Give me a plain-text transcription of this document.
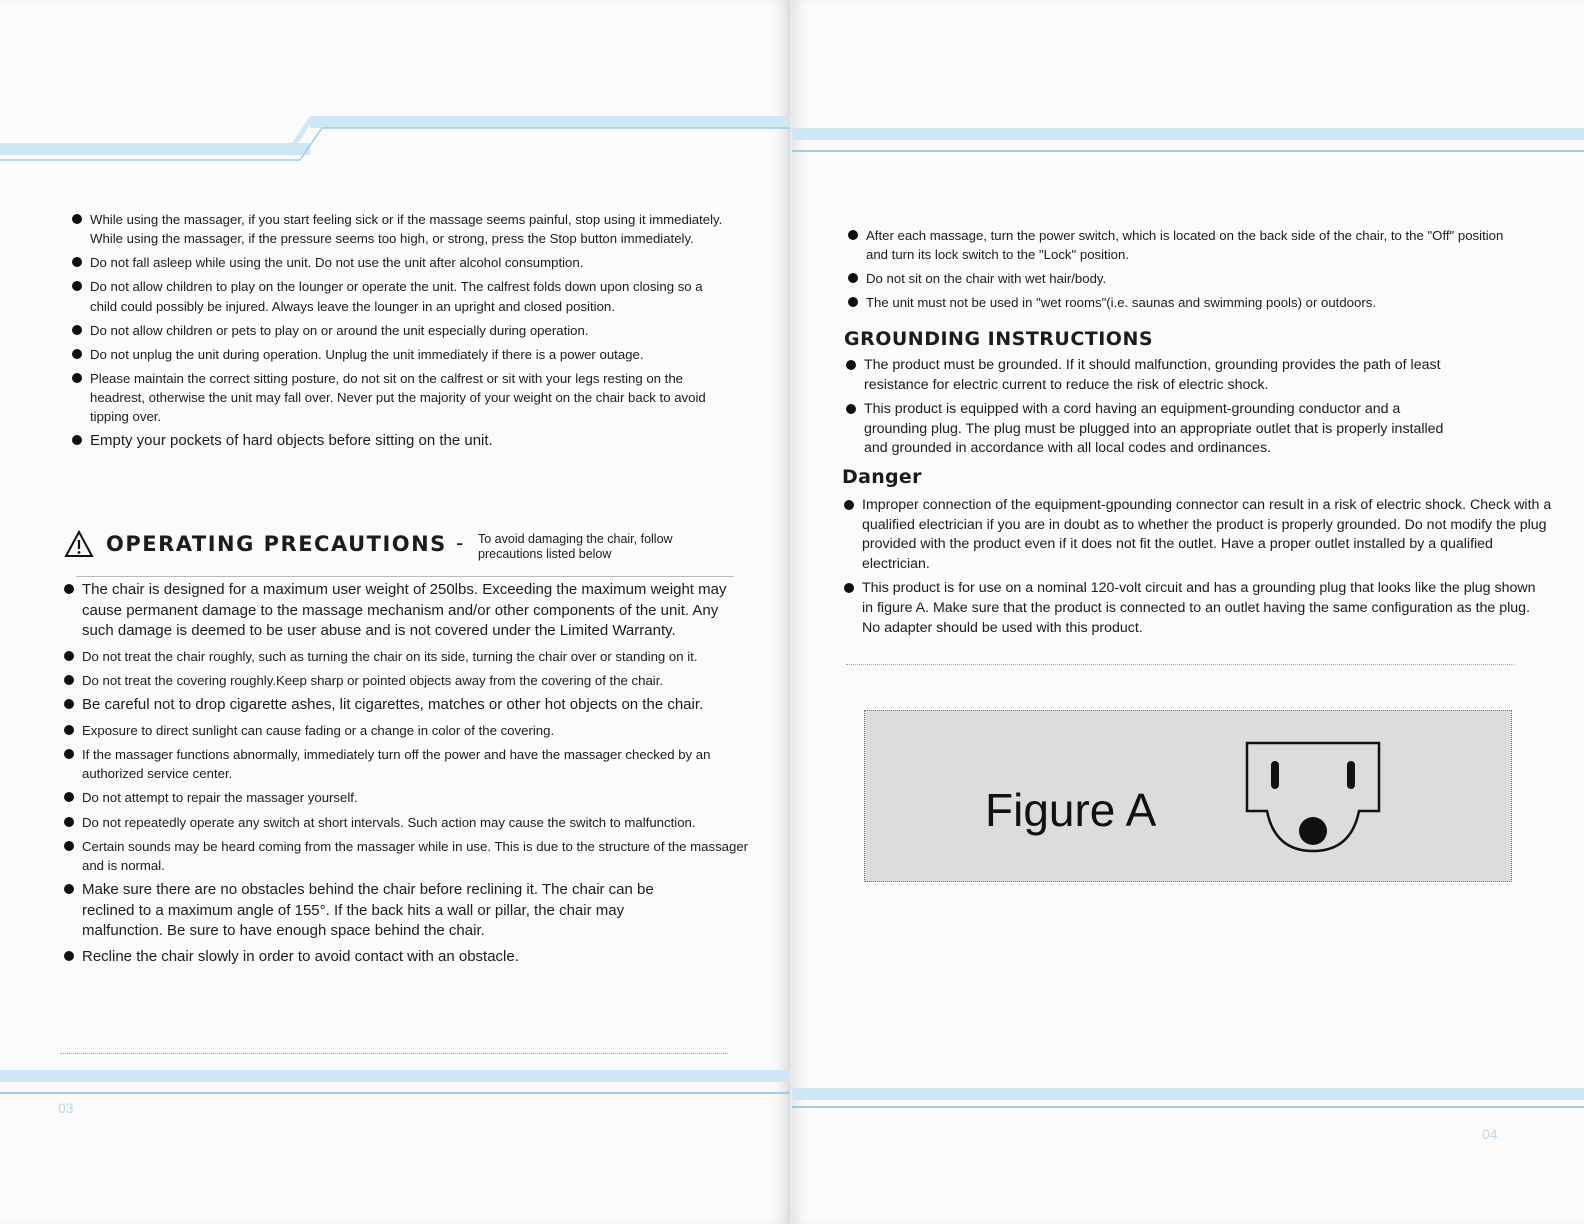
While using the massager, if you start feeling sick or if the massage seems painful, stop using it immediately. While using the massager, if the pressure seems too high, or strong, press the Stop button immediately.
Do not fall asleep while using the unit. Do not use the unit after alcohol consumption.
Do not allow children to play on the lounger or operate the unit. The calfrest folds down upon closing so a child could possibly be injured. Always leave the lounger in an upright and closed position.
Do not allow children or pets to play on or around the unit especially during operation.
Do not unplug the unit during operation. Unplug the unit immediately if there is a power outage.
Please maintain the correct sitting posture, do not sit on the calfrest or sit with your legs resting on the headrest, otherwise the unit may fall over. Never put the majority of your weight on the chair back to avoid tipping over.
Empty your pockets of hard objects before sitting on the unit.
OPERATING PRECAUTIONS - To avoid damaging the chair, follow precautions listed below
The chair is designed for a maximum user weight of 250lbs. Exceeding the maximum weight may cause permanent damage to the massage mechanism and/or other components of the unit. Any such damage is deemed to be user abuse and is not covered under the Limited Warranty.
Do not treat the chair roughly, such as turning the chair on its side, turning the chair over or standing on it.
Do not treat the covering roughly.Keep sharp or pointed objects away from the covering of the chair.
Be careful not to drop cigarette ashes, lit cigarettes, matches or other hot objects on the chair.
Exposure to direct sunlight can cause fading or a change in color of the covering.
If the massager functions abnormally, immediately turn off the power and have the massager checked by an authorized service center.
Do not attempt to repair the massager yourself.
Do not repeatedly operate any switch at short intervals. Such action may cause the switch to malfunction.
Certain sounds may be heard coming from the massager while in use. This is due to the structure of the massager and is normal.
Make sure there are no obstacles behind the chair before reclining it. The chair can be reclined to a maximum angle of 155°. If the back hits a wall or pillar, the chair may malfunction. Be sure to have enough space behind the chair.
Recline the chair slowly in order to avoid contact with an obstacle.
03
After each massage, turn the power switch, which is located on the back side of the chair, to the "Off" position and turn its lock switch to the "Lock" position.
Do not sit on the chair with wet hair/body.
The unit must not be used in "wet rooms"(i.e. saunas and swimming pools) or outdoors.
GROUNDING INSTRUCTIONS
The product must be grounded. If it should malfunction, grounding provides the path of least resistance for electric current to reduce the risk of electric shock.
This product is equipped with a cord having an equipment-grounding conductor and a grounding plug. The plug must be plugged into an appropriate outlet that is properly installed and grounded in accordance with all local codes and ordinances.
Danger
Improper connection of the equipment-gpounding connector can result in a risk of electric shock. Check with a qualified electrician if you are in doubt as to whether the product is properly grounded. Do not modify the plug provided with the product even if it does not fit the outlet. Have a proper outlet installed by a qualified electrician.
This product is for use on a nominal 120-volt circuit and has a grounding plug that looks like the plug shown in figure A. Make sure that the product is connected to an outlet having the same configuration as the plug. No adapter should be used with this product.
Figure A
04
